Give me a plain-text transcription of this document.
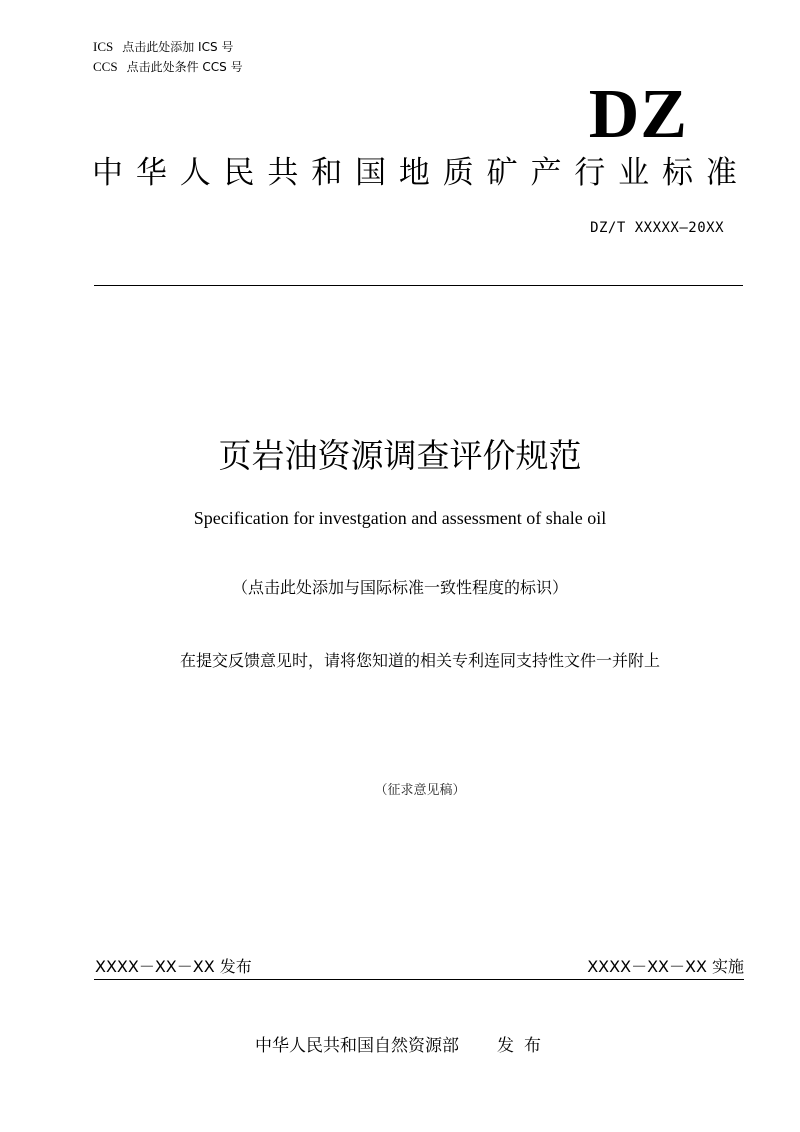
ICS 点击此处添加 ICS 号
CCS 点击此处条件 CCS 号
DZ
中 华 人 民 共 和 国 地 质 矿 产 行 业 标 准
DZ/T XXXXX—20XX
页岩油资源调查评价规范
Specification for investgation and assessment of shale oil
（点击此处添加与国际标准一致性程度的标识）
在提交反馈意见时，请将您知道的相关专利连同支持性文件一并附上
（征求意见稿）
XXXX－XX－XX 发布	XXXX－XX－XX 实施
中华人民共和国自然资源部 发布
